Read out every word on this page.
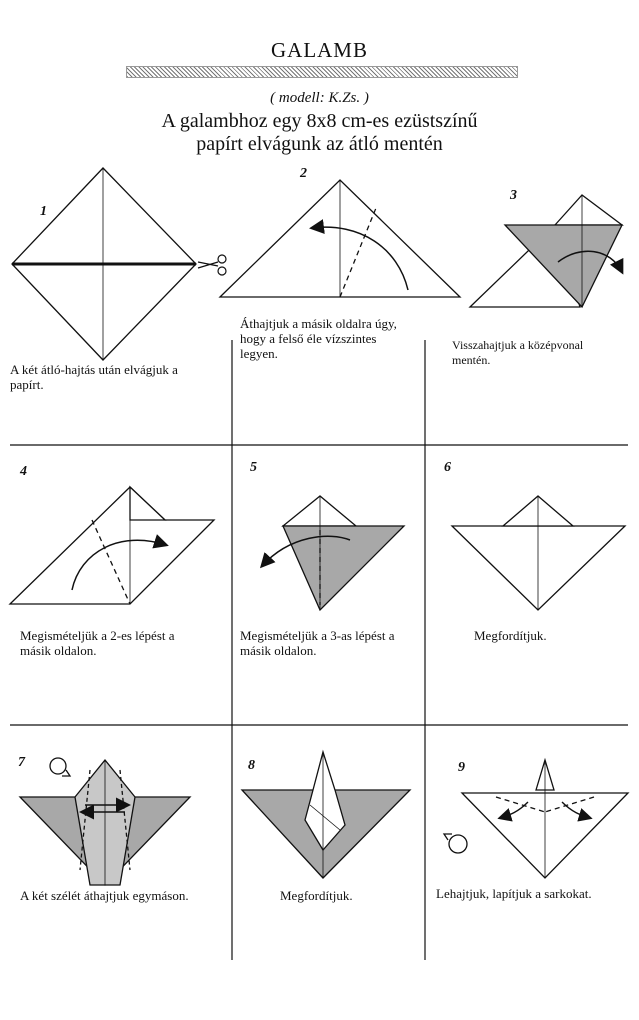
GALAMB
( modell: K.Zs. )
A galambhoz egy 8x8 cm-es ezüstszínű
papírt elvágunk az átló mentén
1
2
3
4	5	6
7	8	9
A két átló-hajtás után elvágjuk a
papírt.
Áthajtjuk a másik oldalra úgy,
hogy a felső éle vízszintes
legyen.
Visszahajtjuk a középvonal
mentén.
Megismételjük a 2-es lépést a
másik oldalon.
Megismételjük a 3-as lépést a
másik oldalon.
Megfordítjuk.
A két szélét áthajtjuk egymáson.	Megfordítjuk.	Lehajtjuk, lapítjuk a sarkokat.
